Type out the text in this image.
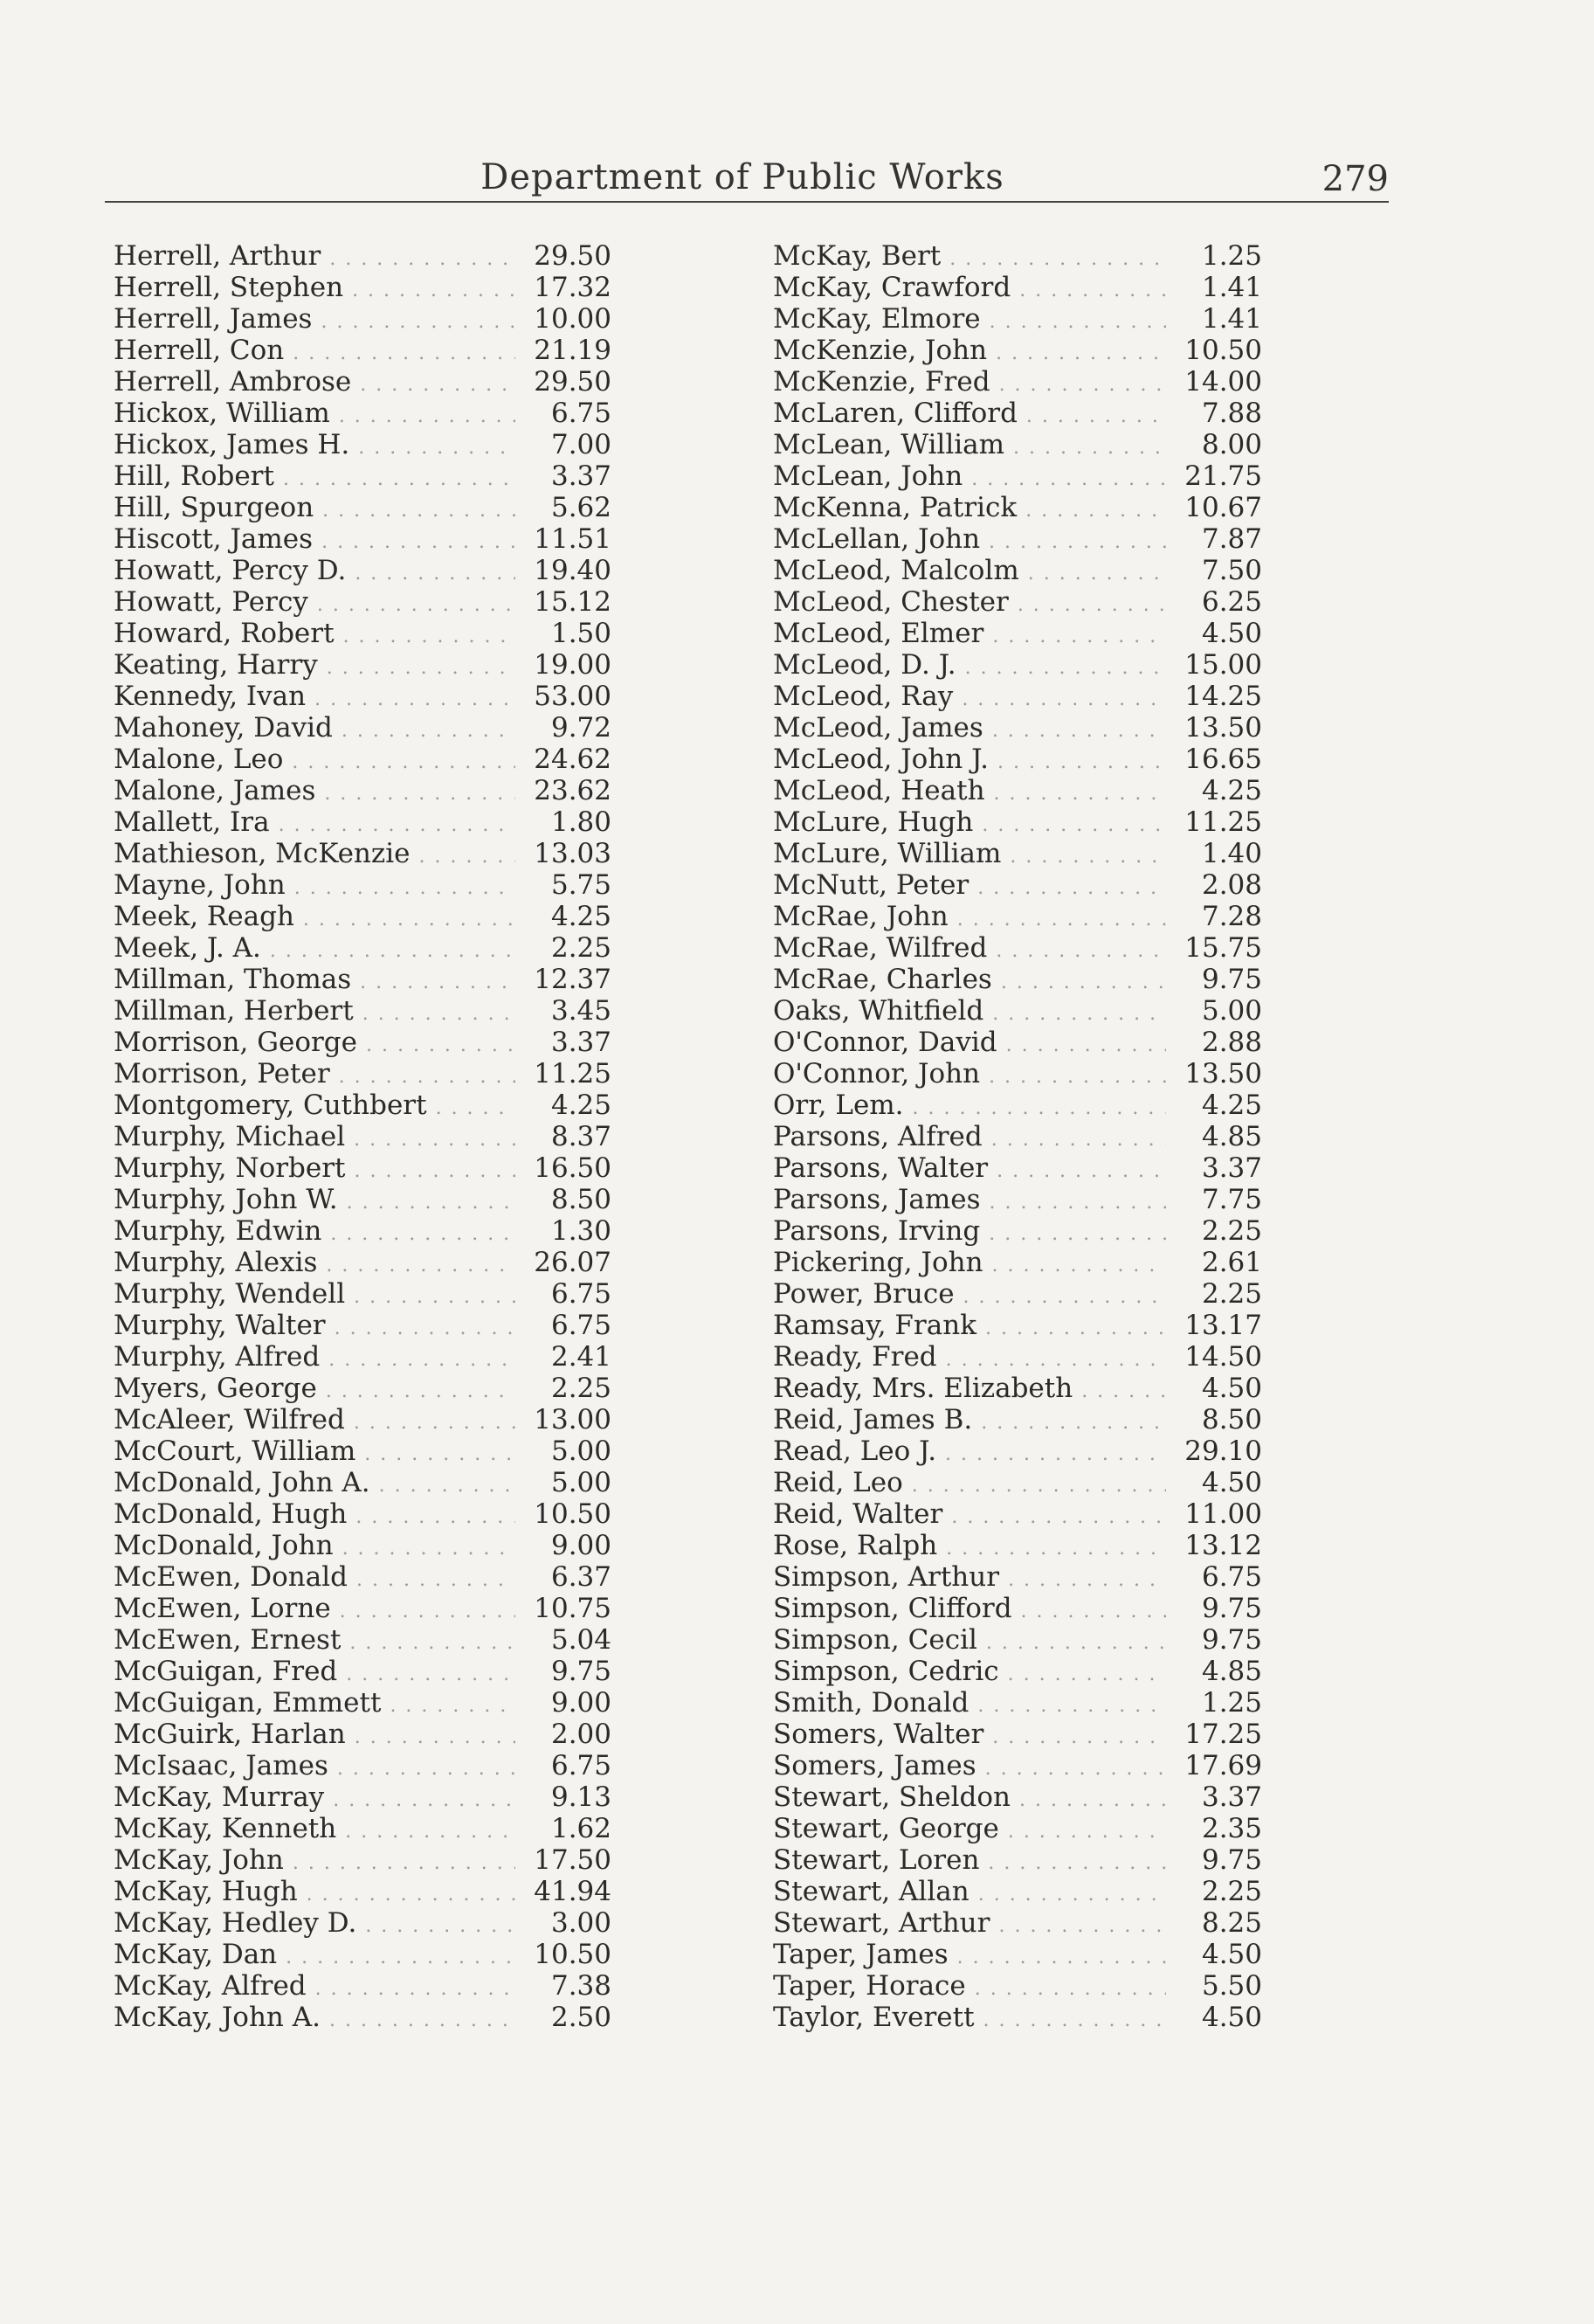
Department of Public Works	279
Herrell, Arthur . . .	29.50
Herrell, Stephen . . .	17.32
Herrell, James . . .	10.00
Herrell, Con . . .	21.19
Herrell, Ambrose . . .	29.50
Hickox, William . . .	6.75
Hickox, James H. . . .	7.00
Hill, Robert . . .	3.37
Hill, Spurgeon . . .	5.62
Hiscott, James . . .	11.51
Howatt, Percy D. . . .	19.40
Howatt, Percy . . .	15.12
Howard, Robert . . .	1.50
Keating, Harry . . .	19.00
Kennedy, Ivan . . .	53.00
Mahoney, David . . .	9.72
Malone, Leo . . .	24.62
Malone, James . . .	23.62
Mallett, Ira . . .	1.80
Mathieson, McKenzie . . .	13.03
Mayne, John . . .	5.75
Meek, Reagh . . .	4.25
Meek, J. A. . . .	2.25
Millman, Thomas . . .	12.37
Millman, Herbert . . .	3.45
Morrison, George . . .	3.37
Morrison, Peter . . .	11.25
Montgomery, Cuthbert . . .	4.25
Murphy, Michael . . .	8.37
Murphy, Norbert . . .	16.50
Murphy, John W. . . .	8.50
Murphy, Edwin . . .	1.30
Murphy, Alexis . . .	26.07
Murphy, Wendell . . .	6.75
Murphy, Walter . . .	6.75
Murphy, Alfred . . .	2.41
Myers, George . . .	2.25
McAleer, Wilfred . . .	13.00
McCourt, William . . .	5.00
McDonald, John A. . . .	5.00
McDonald, Hugh . . .	10.50
McDonald, John . . .	9.00
McEwen, Donald . . .	6.37
McEwen, Lorne . . .	10.75
McEwen, Ernest . . .	5.04
McGuigan, Fred . . .	9.75
McGuigan, Emmett . . .	9.00
McGuirk, Harlan . . .	2.00
McIsaac, James . . .	6.75
McKay, Murray . . .	9.13
McKay, Kenneth . . .	1.62
McKay, John . . .	17.50
McKay, Hugh . . .	41.94
McKay, Hedley D. . . .	3.00
McKay, Dan . . .	10.50
McKay, Alfred . . .	7.38
McKay, John A. . . .	2.50
McKay, Bert . . .	1.25
McKay, Crawford . . .	1.41
McKay, Elmore . . .	1.41
McKenzie, John . . .	10.50
McKenzie, Fred . . .	14.00
McLaren, Clifford . . .	7.88
McLean, William . . .	8.00
McLean, John . . .	21.75
McKenna, Patrick . . .	10.67
McLellan, John . . .	7.87
McLeod, Malcolm . . .	7.50
McLeod, Chester . . .	6.25
McLeod, Elmer . . .	4.50
McLeod, D. J. . . .	15.00
McLeod, Ray . . .	14.25
McLeod, James . . .	13.50
McLeod, John J. . . .	16.65
McLeod, Heath . . .	4.25
McLure, Hugh . . .	11.25
McLure, William . . .	1.40
McNutt, Peter . . .	2.08
McRae, John . . .	7.28
McRae, Wilfred . . .	15.75
McRae, Charles . . .	9.75
Oaks, Whitfield . . .	5.00
O'Connor, David . . .	2.88
O'Connor, John . . .	13.50
Orr, Lem. . . .	4.25
Parsons, Alfred . . .	4.85
Parsons, Walter . . .	3.37
Parsons, James . . .	7.75
Parsons, Irving . . .	2.25
Pickering, John . . .	2.61
Power, Bruce . . .	2.25
Ramsay, Frank . . .	13.17
Ready, Fred . . .	14.50
Ready, Mrs. Elizabeth . . .	4.50
Reid, James B. . . .	8.50
Read, Leo J. . . .	29.10
Reid, Leo . . .	4.50
Reid, Walter . . .	11.00
Rose, Ralph . . .	13.12
Simpson, Arthur . . .	6.75
Simpson, Clifford . . .	9.75
Simpson, Cecil . . .	9.75
Simpson, Cedric . . .	4.85
Smith, Donald . . .	1.25
Somers, Walter . . .	17.25
Somers, James . . .	17.69
Stewart, Sheldon . . .	3.37
Stewart, George . . .	2.35
Stewart, Loren . . .	9.75
Stewart, Allan . . .	2.25
Stewart, Arthur . . .	8.25
Taper, James . . .	4.50
Taper, Horace . . .	5.50
Taylor, Everett . . .	4.50
